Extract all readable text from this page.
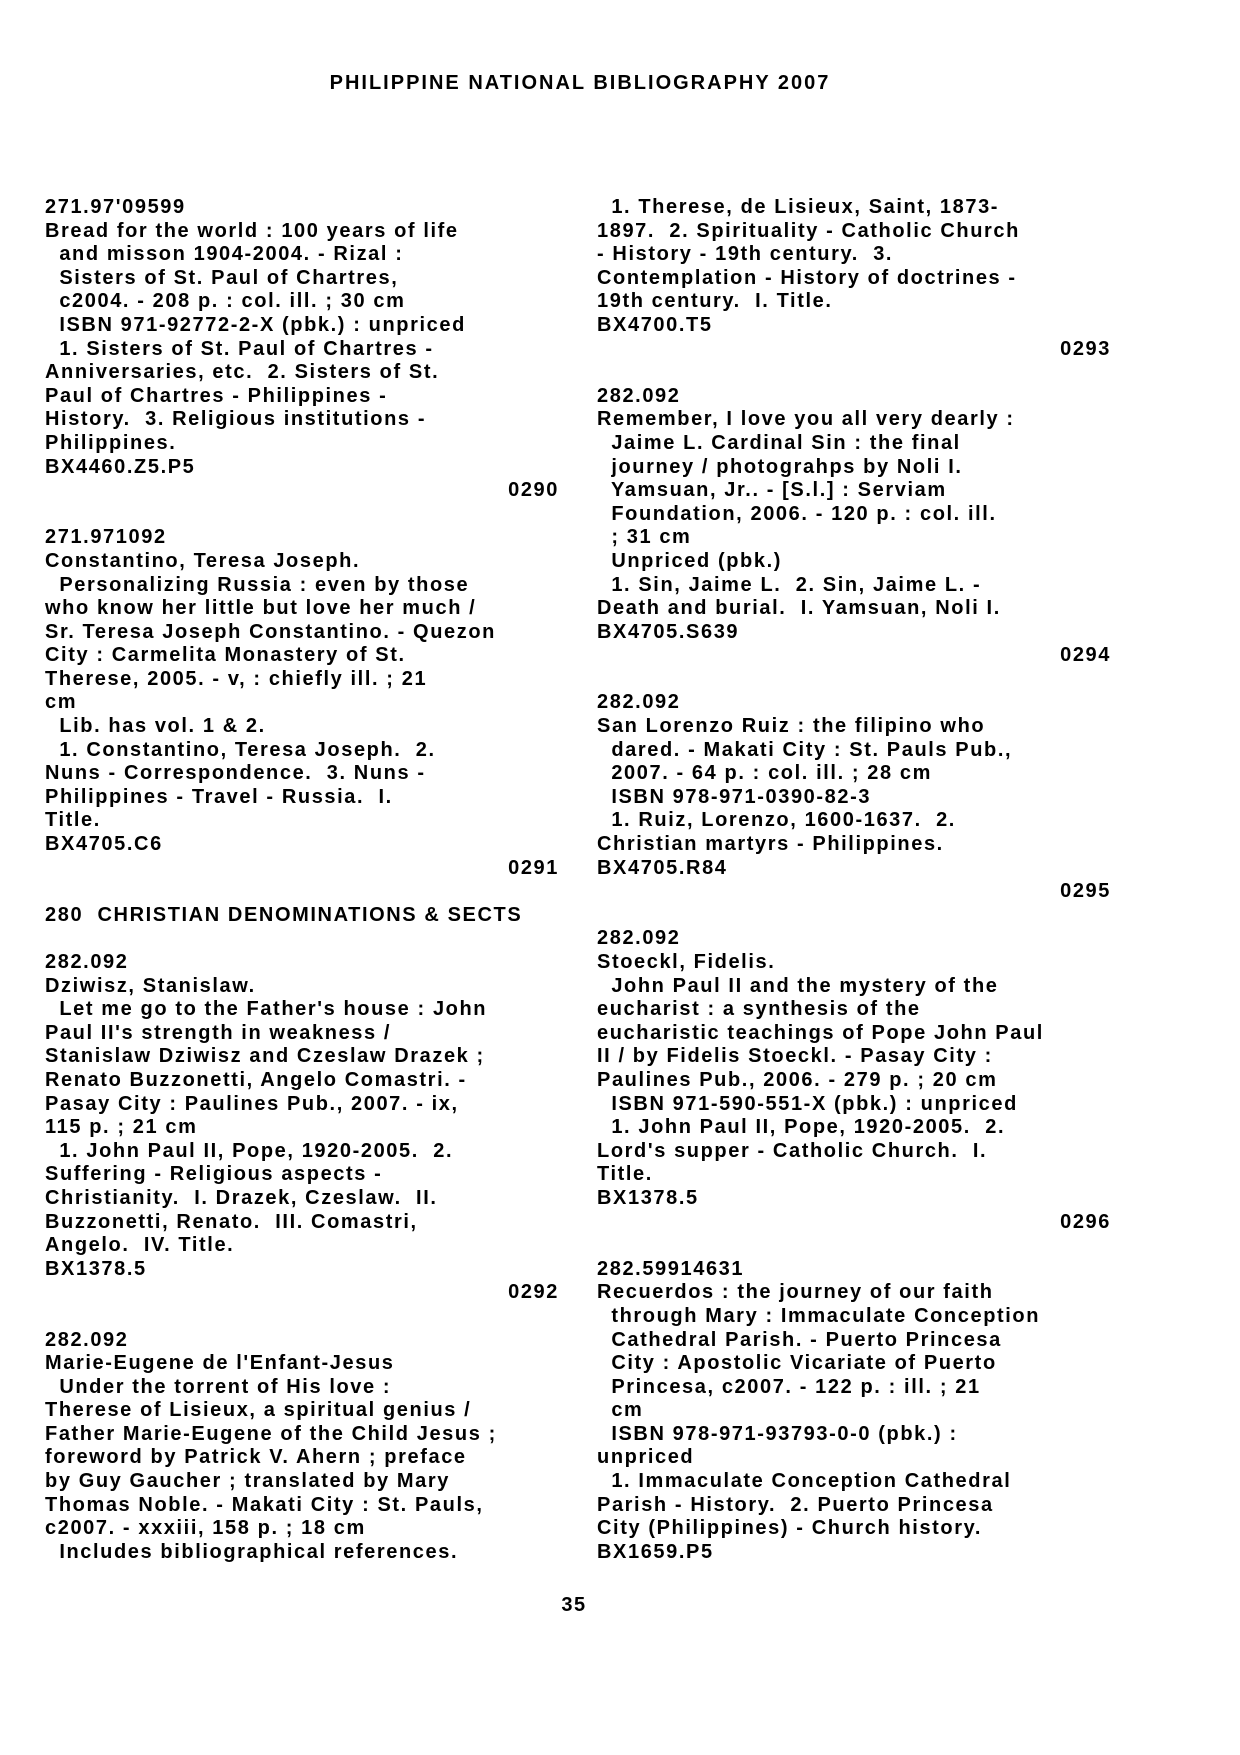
PHILIPPINE NATIONAL BIBLIOGRAPHY 2007
271.97'09599
Bread for the world : 100 years of life
and misson 1904-2004. - Rizal :
Sisters of St. Paul of Chartres,
c2004. - 208 p. : col. ill. ; 30 cm
ISBN 971-92772-2-X (pbk.) : unpriced
1. Sisters of St. Paul of Chartres -
Anniversaries, etc.  2. Sisters of St.
Paul of Chartres - Philippines -
History.  3. Religious institutions -
Philippines.
BX4460.Z5.P5
0290
271.971092
Constantino, Teresa Joseph.
Personalizing Russia : even by those
who know her little but love her much /
Sr. Teresa Joseph Constantino. - Quezon
City : Carmelita Monastery of St.
Therese, 2005. - v, : chiefly ill. ; 21
cm
Lib. has vol. 1 & 2.
1. Constantino, Teresa Joseph.  2.
Nuns - Correspondence.  3. Nuns -
Philippines - Travel - Russia.  I.
Title.
BX4705.C6
0291
280  CHRISTIAN DENOMINATIONS & SECTS
282.092
Dziwisz, Stanislaw.
Let me go to the Father's house : John
Paul II's strength in weakness /
Stanislaw Dziwisz and Czeslaw Drazek ;
Renato Buzzonetti, Angelo Comastri. -
Pasay City : Paulines Pub., 2007. - ix,
115 p. ; 21 cm
1. John Paul II, Pope, 1920-2005.  2.
Suffering - Religious aspects -
Christianity.  I. Drazek, Czeslaw.  II.
Buzzonetti, Renato.  III. Comastri,
Angelo.  IV. Title.
BX1378.5
0292
282.092
Marie-Eugene de l'Enfant-Jesus
Under the torrent of His love :
Therese of Lisieux, a spiritual genius /
Father Marie-Eugene of the Child Jesus ;
foreword by Patrick V. Ahern ; preface
by Guy Gaucher ; translated by Mary
Thomas Noble. - Makati City : St. Pauls,
c2007. - xxxiii, 158 p. ; 18 cm
Includes bibliographical references.
1. Therese, de Lisieux, Saint, 1873-
1897.  2. Spirituality - Catholic Church
- History - 19th century.  3.
Contemplation - History of doctrines -
19th century.  I. Title.
BX4700.T5
0293
282.092
Remember, I love you all very dearly :
Jaime L. Cardinal Sin : the final
journey / photograhps by Noli I.
Yamsuan, Jr.. - [S.l.] : Serviam
Foundation, 2006. - 120 p. : col. ill.
; 31 cm
Unpriced (pbk.)
1. Sin, Jaime L.  2. Sin, Jaime L. -
Death and burial.  I. Yamsuan, Noli I.
BX4705.S639
0294
282.092
San Lorenzo Ruiz : the filipino who
dared. - Makati City : St. Pauls Pub.,
2007. - 64 p. : col. ill. ; 28 cm
ISBN 978-971-0390-82-3
1. Ruiz, Lorenzo, 1600-1637.  2.
Christian martyrs - Philippines.
BX4705.R84
0295
282.092
Stoeckl, Fidelis.
John Paul II and the mystery of the
eucharist : a synthesis of the
eucharistic teachings of Pope John Paul
II / by Fidelis Stoeckl. - Pasay City :
Paulines Pub., 2006. - 279 p. ; 20 cm
ISBN 971-590-551-X (pbk.) : unpriced
1. John Paul II, Pope, 1920-2005.  2.
Lord's supper - Catholic Church.  I.
Title.
BX1378.5
0296
282.59914631
Recuerdos : the journey of our faith
through Mary : Immaculate Conception
Cathedral Parish. - Puerto Princesa
City : Apostolic Vicariate of Puerto
Princesa, c2007. - 122 p. : ill. ; 21
cm
ISBN 978-971-93793-0-0 (pbk.) :
unpriced
1. Immaculate Conception Cathedral
Parish - History.  2. Puerto Princesa
City (Philippines) - Church history.
BX1659.P5
35
